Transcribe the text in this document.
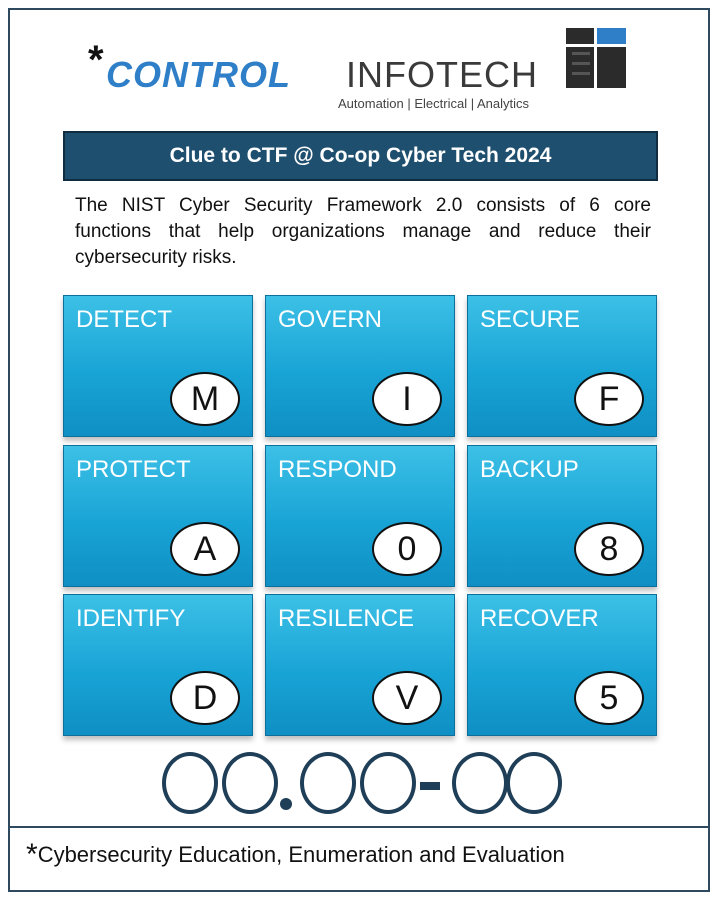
* CONTROL INFOTECH
Automation | Electrical | Analytics
Clue to CTF @ Co-op Cyber Tech 2024
The NIST Cyber Security Framework 2.0 consists of 6 core functions that help organizations manage and reduce their cybersecurity risks.
DETECT
M
GOVERN
I
SECURE
F
PROTECT
A
RESPOND
0
BACKUP
8
IDENTIFY
D
RESILENCE
V
RECOVER
5
*Cybersecurity Education, Enumeration and Evaluation
